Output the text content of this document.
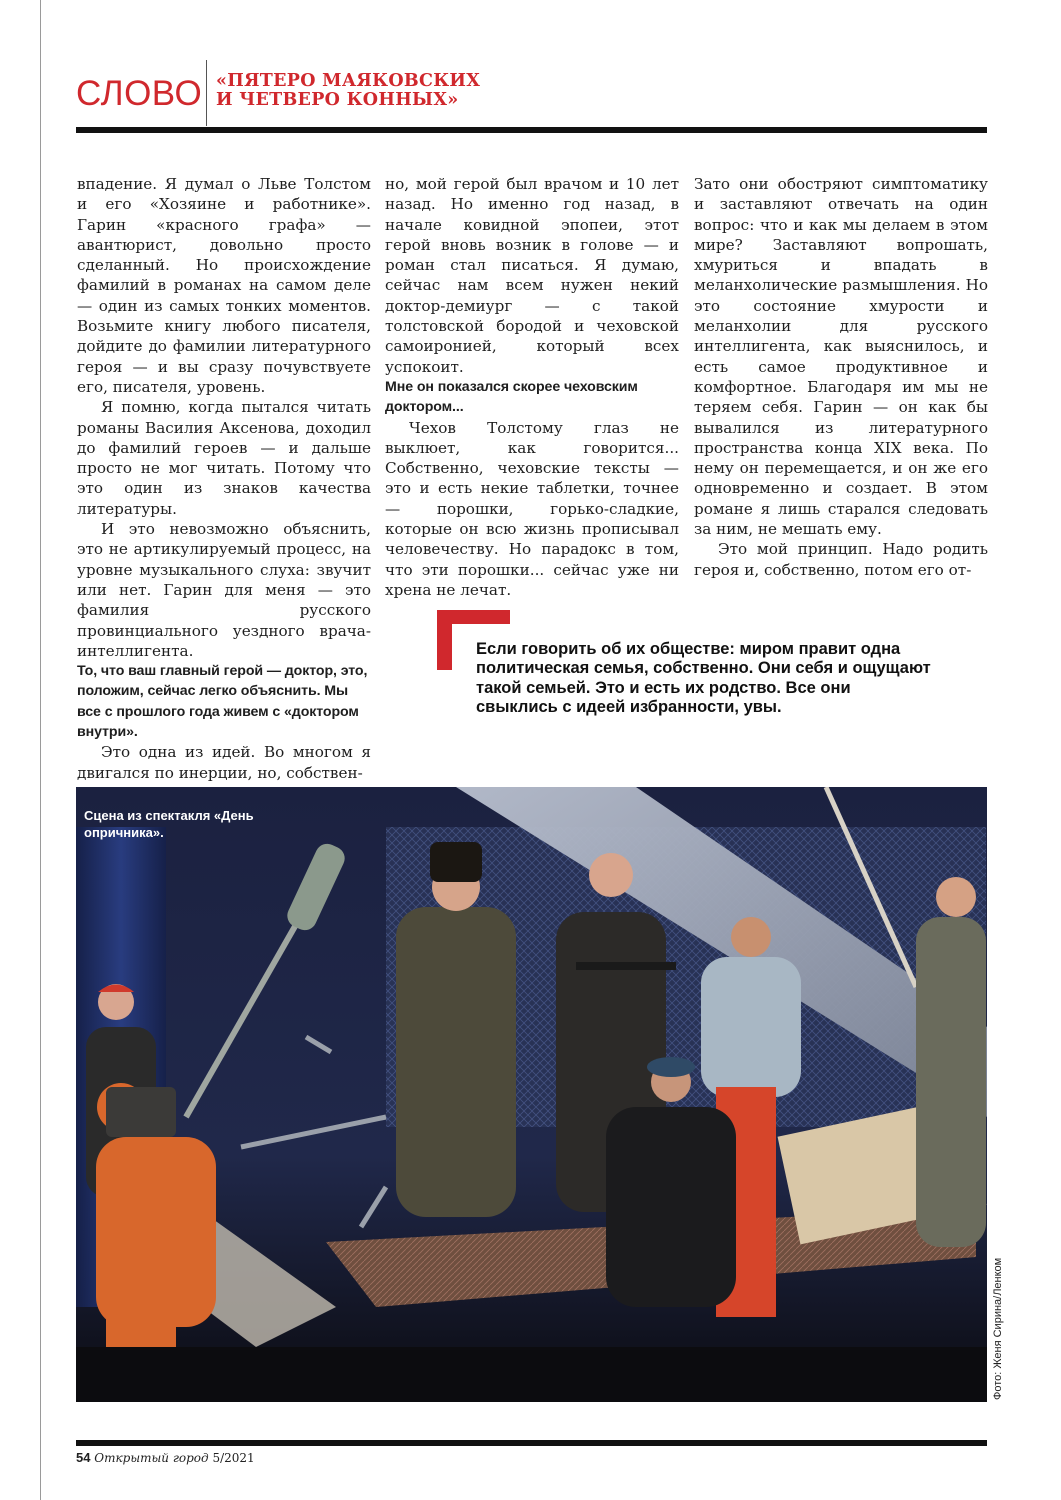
СЛОВО «ПЯТЕРО МАЯКОВСКИХ
И ЧЕТВЕРО КОННЫХ»

впадение. Я думал о Льве Толстом и его «Хозяине и работнике». Гарин «красного графа» — авантюрист, довольно просто сделанный. Но происхождение фамилий в романах на самом деле — один из самых тонких моментов. Возьмите книгу любого писателя, дойдите до фамилии литературного героя — и вы сразу почувствуете его, писателя, уровень.

Я помню, когда пытался читать романы Василия Аксенова, доходил до фамилий героев — и дальше просто не мог читать. Потому что это один из знаков качества литературы.

И это невозможно объяснить, это не артикулируемый процесс, на уровне музыкального слуха: звучит или нет. Гарин для меня — это фамилия русского провинциального уездного врача-интеллигента.

То, что ваш главный герой — доктор, это, положим, сейчас легко объяснить. Мы все с прошлого года живем с «доктором внутри».

Это одна из идей. Во многом я двигался по инерции, но, собствен-

но, мой герой был врачом и 10 лет назад. Но именно год назад, в начале ковидной эпопеи, этот герой вновь возник в голове — и роман стал писаться. Я думаю, сейчас нам всем нужен некий доктор-демиург — с такой толстовской бородой и чеховской самоиронией, который всех успокоит.

Мне он показался скорее чеховским доктором...

Чехов Толстому глаз не выклюет, как говорится... Собственно, чеховские тексты — это и есть некие таблетки, точнее — порошки, горько-сладкие, которые он всю жизнь прописывал человечеству. Но парадокс в том, что эти порошки... сейчас уже ни хрена не лечат.

Зато они обостряют симптоматику и заставляют отвечать на один вопрос: что и как мы делаем в этом мире? Заставляют вопрошать, хмуриться и впадать в меланхолические размышления. Но это состояние хмурости и меланхолии для русского интеллигента, как выяснилось, и есть самое продуктивное и комфортное. Благодаря им мы не теряем себя. Гарин — он как бы вывалился из литературного пространства конца XIX века. По нему он перемещается, и он же его одновременно и создает. В этом романе я лишь старался следовать за ним, не мешать ему.

Это мой принцип. Надо родить героя и, собственно, потом его от-

Если говорить об их обществе: миром правит одна политическая семья, собственно. Они себя и ощущают такой семьей. Это и есть их родство. Все они свыклись с идеей избранности, увы.
Сцена из спектакля «День опричника».
Фото: Женя Сирина/Ленком
54 Открытый город 5/2021
